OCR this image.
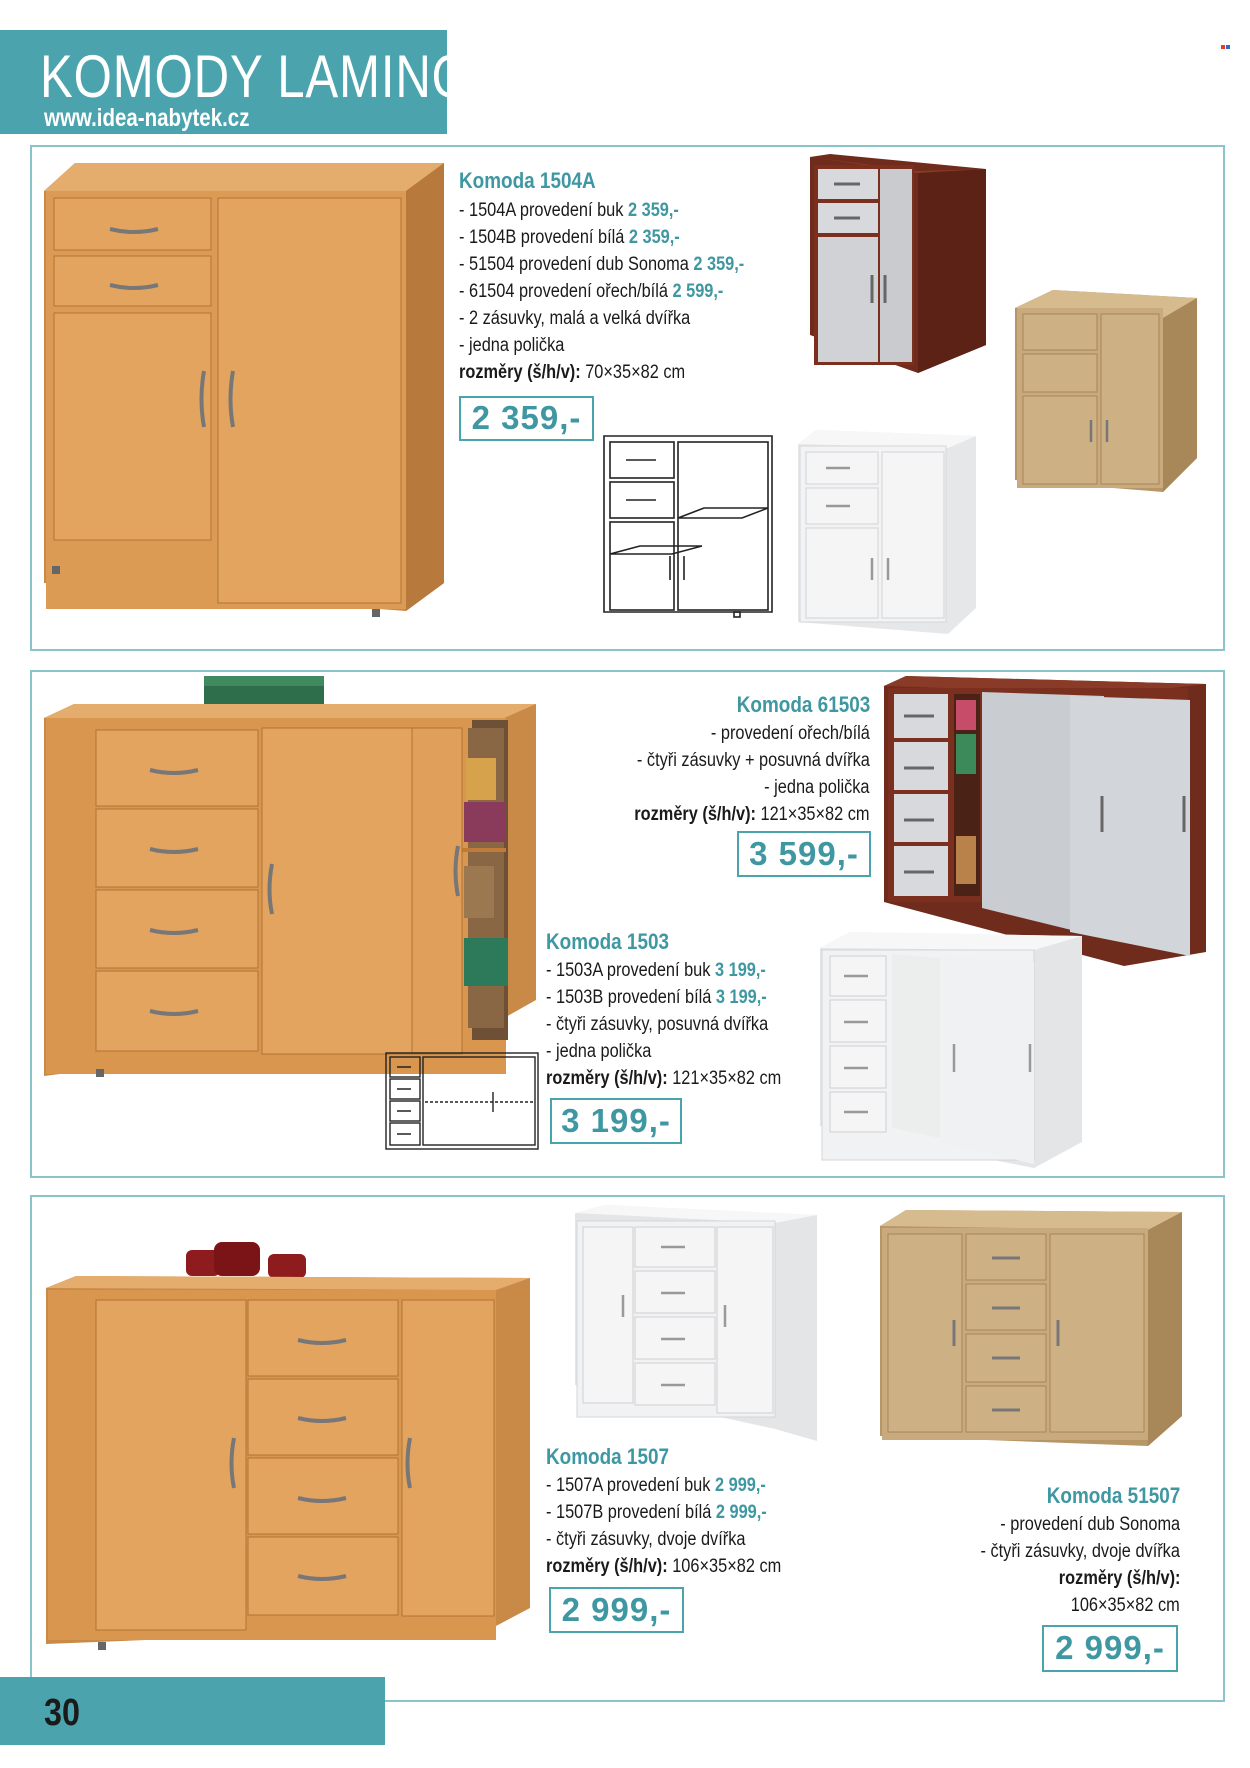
KOMODY LAMINO
www.idea-nabytek.cz
Komoda 1504A
- 1504A provedení buk 2 359,-
- 1504B provedení bílá 2 359,-
- 51504 provedení dub Sonoma 2 359,-
- 61504 provedení ořech/bílá 2 599,-
- 2 zásuvky, malá a velká dvířka
- jedna polička
rozměry (š/h/v): 70×35×82 cm
2 359,-
Komoda 61503
- provedení ořech/bílá
- čtyři zásuvky + posuvná dvířka
- jedna polička
rozměry (š/h/v): 121×35×82 cm
3 599,-
Komoda 1503
- 1503A provedení buk 3 199,-
- 1503B provedení bílá 3 199,-
- čtyři zásuvky, posuvná dvířka
- jedna polička
rozměry (š/h/v): 121×35×82 cm
3 199,-
Komoda 1507
- 1507A provedení buk 2 999,-
- 1507B provedení bílá 2 999,-
- čtyři zásuvky, dvoje dvířka
rozměry (š/h/v): 106×35×82 cm
2 999,-
Komoda 51507
- provedení dub Sonoma
- čtyři zásuvky, dvoje dvířka
rozměry (š/h/v):
106×35×82 cm
2 999,-
30
